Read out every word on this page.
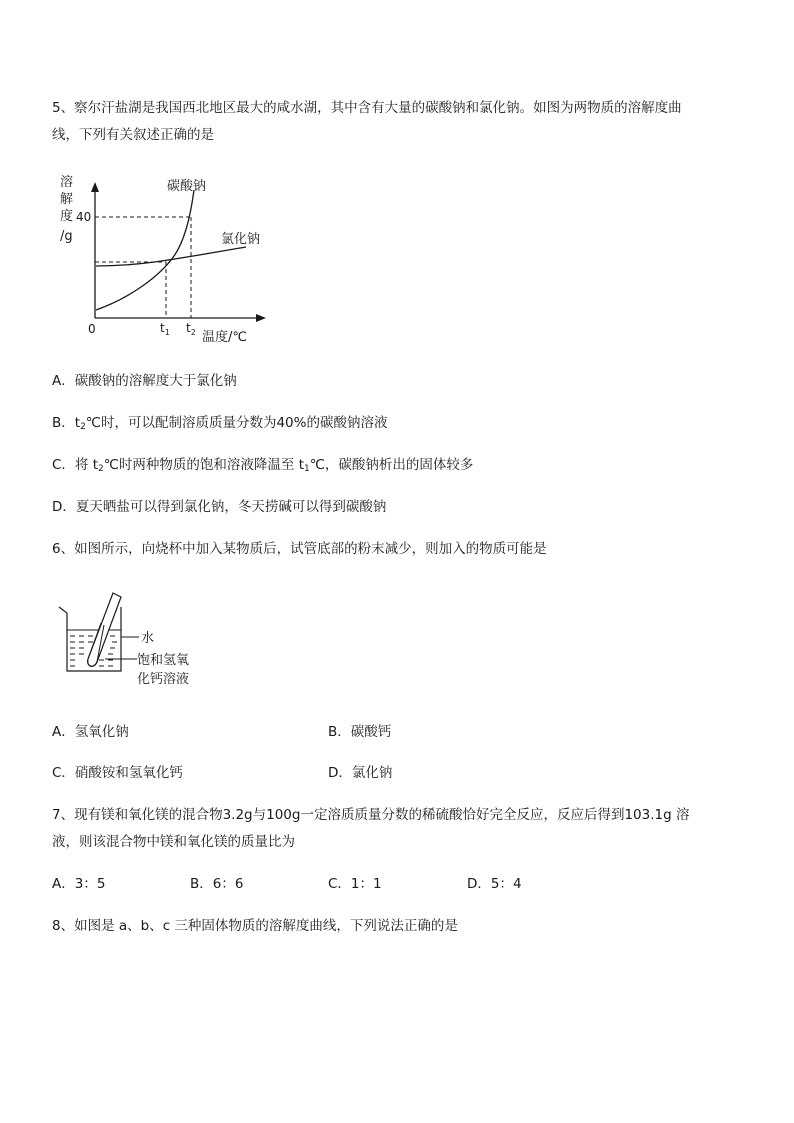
5、察尔汗盐湖是我国西北地区最大的咸水湖，其中含有大量的碳酸钠和氯化钠。如图为两物质的溶解度曲
线，下列有关叙述正确的是
溶
解
度
/g
40
0	$t_1$ $t_2$ 温度/℃
碳酸钠
氯化钠
A．碳酸钠的溶解度大于氯化钠
B．$t_2℃$时，可以配制溶质质量分数为40%的碳酸钠溶液
C．将 $t_2℃$时两种物质的饱和溶液降温至 $t_1℃$，碳酸钠析出的固体较多
D．夏天晒盐可以得到氯化钠，冬天捞碱可以得到碳酸钠
6、如图所示，向烧杯中加入某物质后，试管底部的粉末减少，则加入的物质可能是
水
饱和氢氧
化钙溶液
A．氢氧化钠	B．碳酸钙
C．硝酸铵和氢氧化钙	D．氯化钠
7、现有镁和氧化镁的混合物3.2g与100g一定溶质质量分数的稀硫酸恰好完全反应，反应后得到103.1g 溶
液，则该混合物中镁和氧化镁的质量比为
A．3：5	B．6：6	C．1：1	D．5：4
8、如图是 a、b、c 三种固体物质的溶解度曲线，下列说法正确的是
